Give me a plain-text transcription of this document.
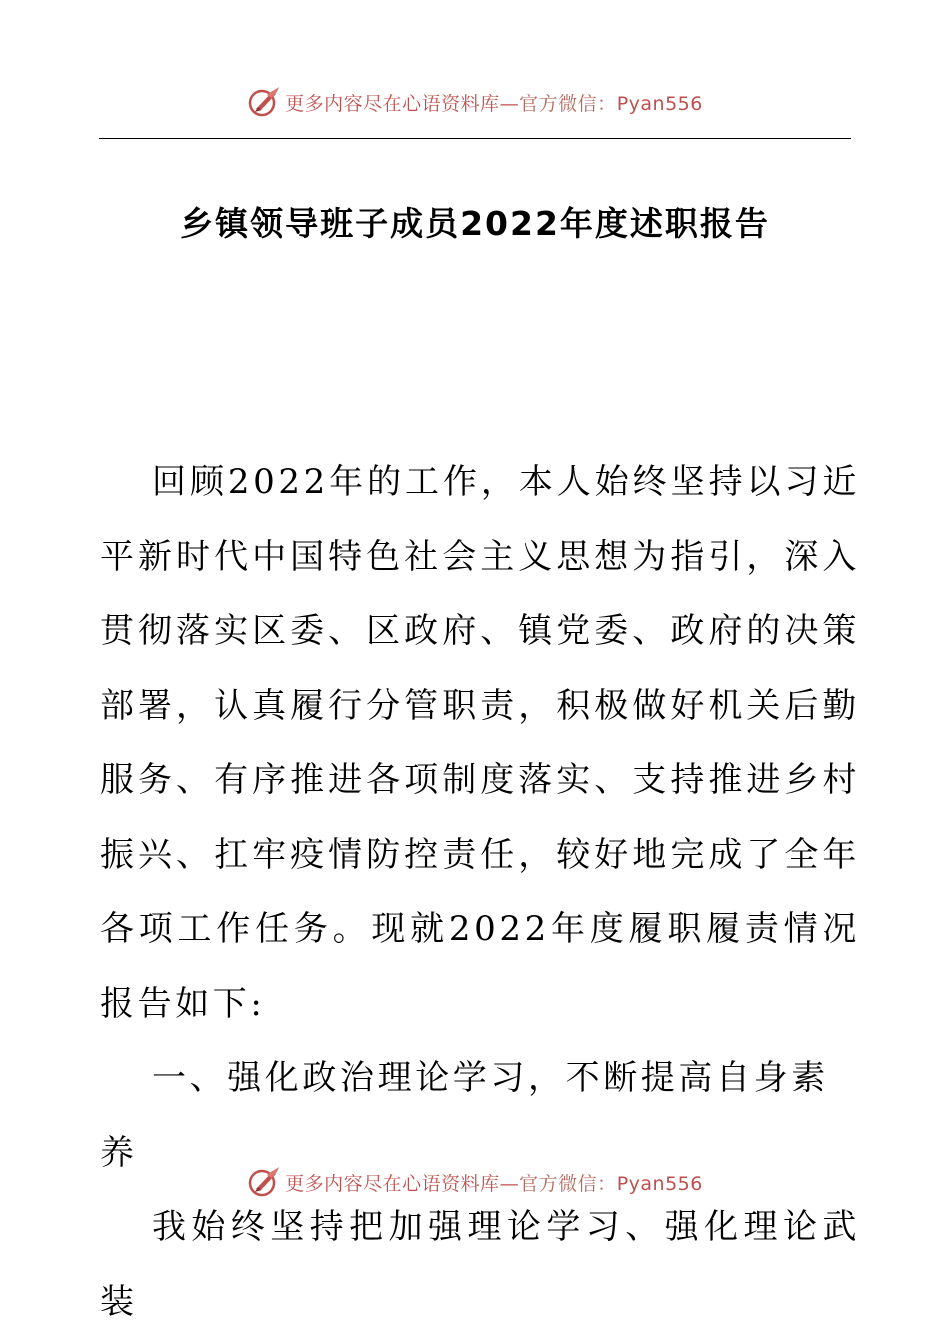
更多内容尽在心语资料库—官方微信：Pyan556
乡镇领导班子成员2022年度述职报告

回顾2022年的工作，本人始终坚持以习近平新时代中国特色社会主义思想为指引，深入贯彻落实区委、区政府、镇党委、政府的决策部署，认真履行分管职责，积极做好机关后勤服务、有序推进各项制度落实、支持推进乡村振兴、扛牢疫情防控责任，较好地完成了全年各项工作任务。现就2022年度履职履责情况报告如下:

一、强化政治理论学习，不断提高自身素养

我始终坚持把加强理论学习、强化理论武装

更多内容尽在心语资料库—官方微信：Pyan556
